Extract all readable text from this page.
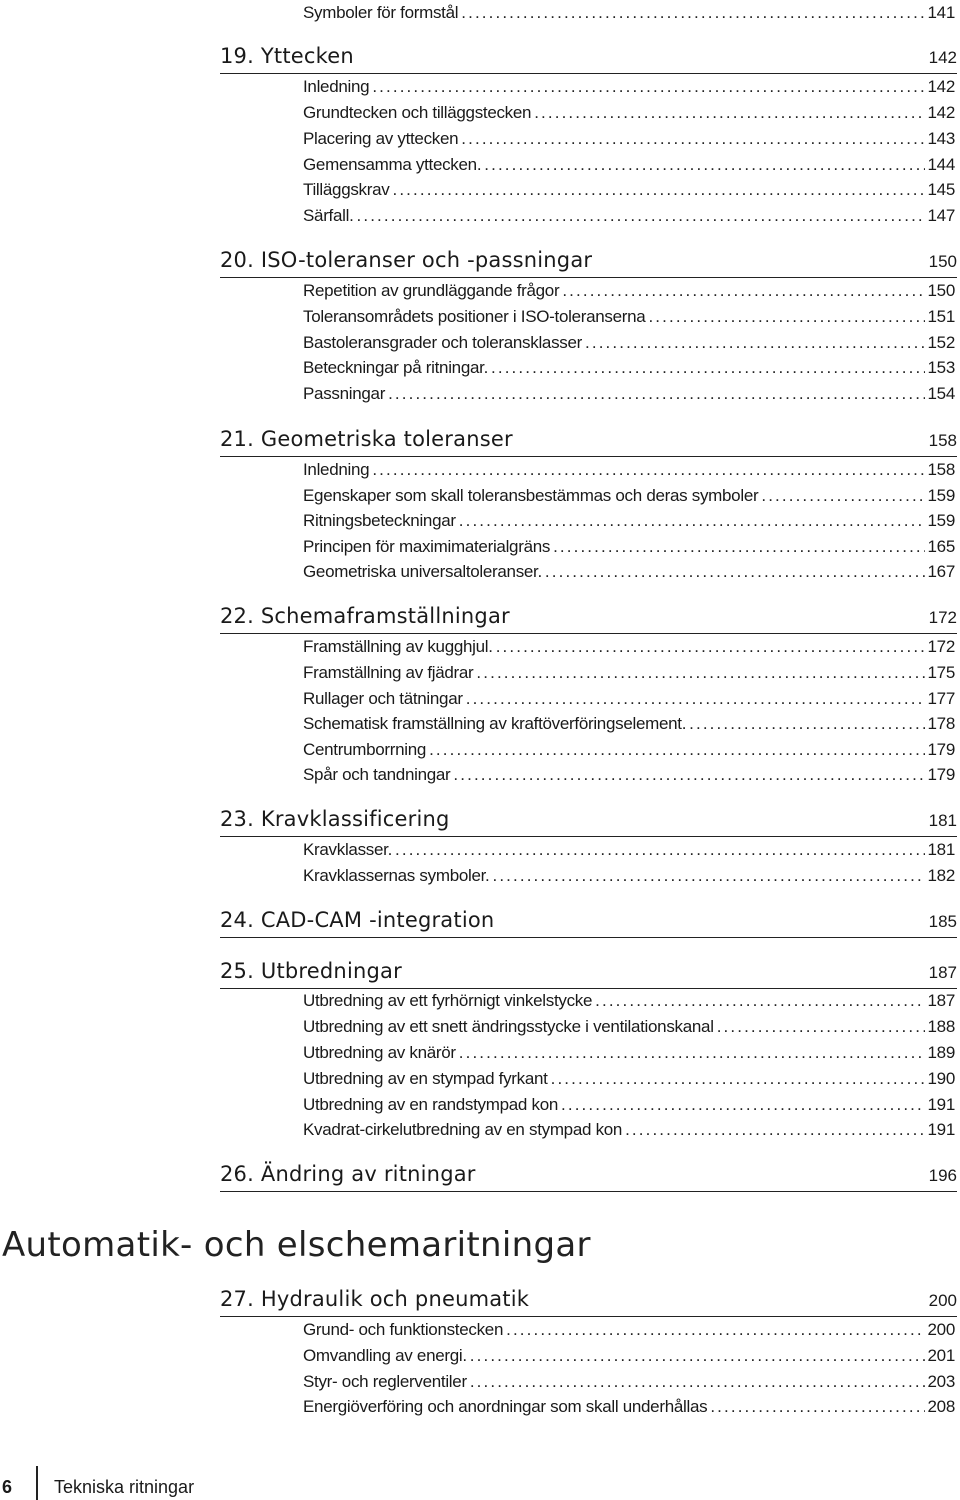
Symboler för formstål . . .	141
19. Yttecken	142
Inledning . . .	142
Grundtecken och tilläggstecken . . .	142
Placering av yttecken . . .	143
Gemensamma yttecken. . . .	144
Tilläggskrav . . .	145
Särfall. . . .	147
20. ISO-toleranser och -passningar	150
Repetition av grundläggande frågor . . .	150
Toleransområdets positioner i ISO-toleranserna . . .	151
Bastoleransgrader och toleransklasser . . .	152
Beteckningar på ritningar. . . .	153
Passningar . . .	154
21. Geometriska toleranser	158
Inledning . . .	158
Egenskaper som skall toleransbestämmas och deras symboler . . .	159
Ritningsbeteckningar . . .	159
Principen för maximimaterialgräns . . .	165
Geometriska universaltoleranser. . . .	167
22. Schemaframställningar	172
Framställning av kugghjul. . . .	172
Framställning av fjädrar . . .	175
Rullager och tätningar . . .	177
Schematisk framställning av kraftöverföringselement. . . .	178
Centrumborrning . . .	179
Spår och tandningar . . .	179
23. Kravklassificering	181
Kravklasser. . . .	181
Kravklassernas symboler. . . .	182
24. CAD-CAM -integration	185
25. Utbredningar	187
Utbredning av ett fyrhörnigt vinkelstycke . . .	187
Utbredning av ett snett ändringsstycke i ventilationskanal . . .	188
Utbredning av knärör . . .	189
Utbredning av en stympad fyrkant . . .	190
Utbredning av en randstympad kon . . .	191
Kvadrat-cirkelutbredning av en stympad kon . . .	191
26. Ändring av ritningar	196
27. Hydraulik och pneumatik	200
Grund- och funktionstecken . . .	200
Omvandling av energi. . . .	201
Styr- och reglerventiler . . .	203
Energiöverföring och anordningar som skall underhållas . . .	208
Automatik- och elschemaritningar
6 Tekniska ritningar
